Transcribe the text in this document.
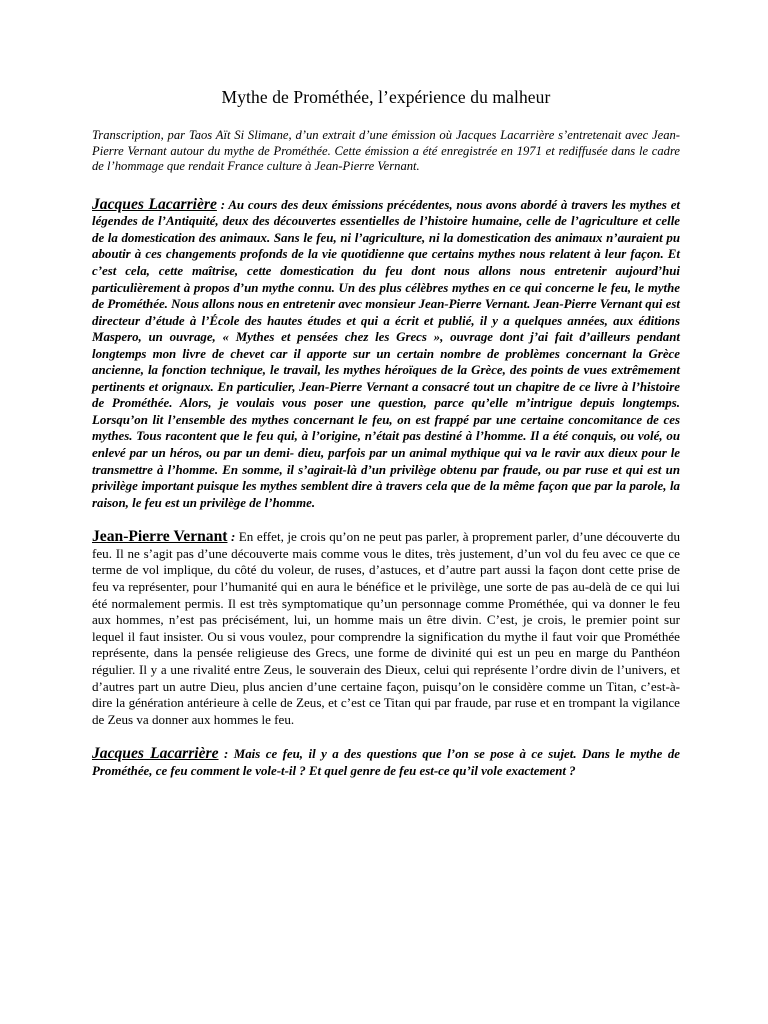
Mythe de Prométhée, l’expérience du malheur

Transcription, par Taos Aït Si Slimane, d’un extrait d’une émission où Jacques Lacarrière s’entretenait avec Jean-Pierre Vernant autour du mythe de Prométhée. Cette émission a été enregistrée en 1971 et rediffusée dans le cadre de l’hommage que rendait France culture à Jean-Pierre Vernant.

Jacques Lacarrière : Au cours des deux émissions précédentes, nous avons abordé à travers les mythes et légendes de l’Antiquité, deux des découvertes essentielles de l’histoire humaine, celle de l’agriculture et celle de la domestication des animaux. Sans le feu, ni l’agriculture, ni la domestication des animaux n’auraient pu aboutir à ces changements profonds de la vie quotidienne que certains mythes nous relatent à leur façon. Et c’est cela, cette maîtrise, cette domestication du feu dont nous allons nous entretenir aujourd’hui particulièrement à propos d’un mythe connu. Un des plus célèbres mythes en ce qui concerne le feu, le mythe de Prométhée. Nous allons nous en entretenir avec monsieur Jean-Pierre Vernant. Jean-Pierre Vernant qui est directeur d’étude à l’École des hautes études et qui a écrit et publié, il y a quelques années, aux éditions Maspero, un ouvrage, « Mythes et pensées chez les Grecs », ouvrage dont j’ai fait d’ailleurs pendant longtemps mon livre de chevet car il apporte sur un certain nombre de problèmes concernant la Grèce ancienne, la fonction technique, le travail, les mythes héroïques de la Grèce, des points de vues extrêmement pertinents et orignaux. En particulier, Jean-Pierre Vernant a consacré tout un chapitre de ce livre à l’histoire de Prométhée. Alors, je voulais vous poser une question, parce qu’elle m’intrigue depuis longtemps. Lorsqu’on lit l’ensemble des mythes concernant le feu, on est frappé par une certaine concomitance de ces mythes. Tous racontent que le feu qui, à l’origine, n’était pas destiné à l’homme. Il a été conquis, ou volé, ou enlevé par un héros, ou par un demi- dieu, parfois par un animal mythique qui va le ravir aux dieux pour le transmettre à l’homme. En somme, il s’agirait-là d’un privilège obtenu par fraude, ou par ruse et qui est un privilège important puisque les mythes semblent dire à travers cela que de la même façon que par la parole, la raison, le feu est un privilège de l’homme.

Jean-Pierre Vernant : En effet, je crois qu’on ne peut pas parler, à proprement parler, d’une découverte du feu. Il ne s’agit pas d’une découverte mais comme vous le dites, très justement, d’un vol du feu avec ce que ce terme de vol implique, du côté du voleur, de ruses, d’astuces, et d’autre part aussi la façon dont cette prise de feu va représenter, pour l’humanité qui en aura le bénéfice et le privilège, une sorte de pas au-delà de ce qui lui été normalement permis. Il est très symptomatique qu’un personnage comme Prométhée, qui va donner le feu aux hommes, n’est pas précisément, lui, un homme mais un être divin. C’est, je crois, le premier point sur lequel il faut insister. Ou si vous voulez, pour comprendre la signification du mythe il faut voir que Prométhée représente, dans la pensée religieuse des Grecs, une forme de divinité qui est un peu en marge du Panthéon régulier. Il y a une rivalité entre Zeus, le souverain des Dieux, celui qui représente l’ordre divin de l’univers, et d’autres part un autre Dieu, plus ancien d’une certaine façon, puisqu’on le considère comme un Titan, c’est-à-dire la génération antérieure à celle de Zeus, et c’est ce Titan qui par fraude, par ruse et en trompant la vigilance de Zeus va donner aux hommes le feu.

Jacques Lacarrière : Mais ce feu, il y a des questions que l’on se pose à ce sujet. Dans le mythe de Prométhée, ce feu comment le vole-t-il ? Et quel genre de feu est-ce qu’il vole exactement ?
